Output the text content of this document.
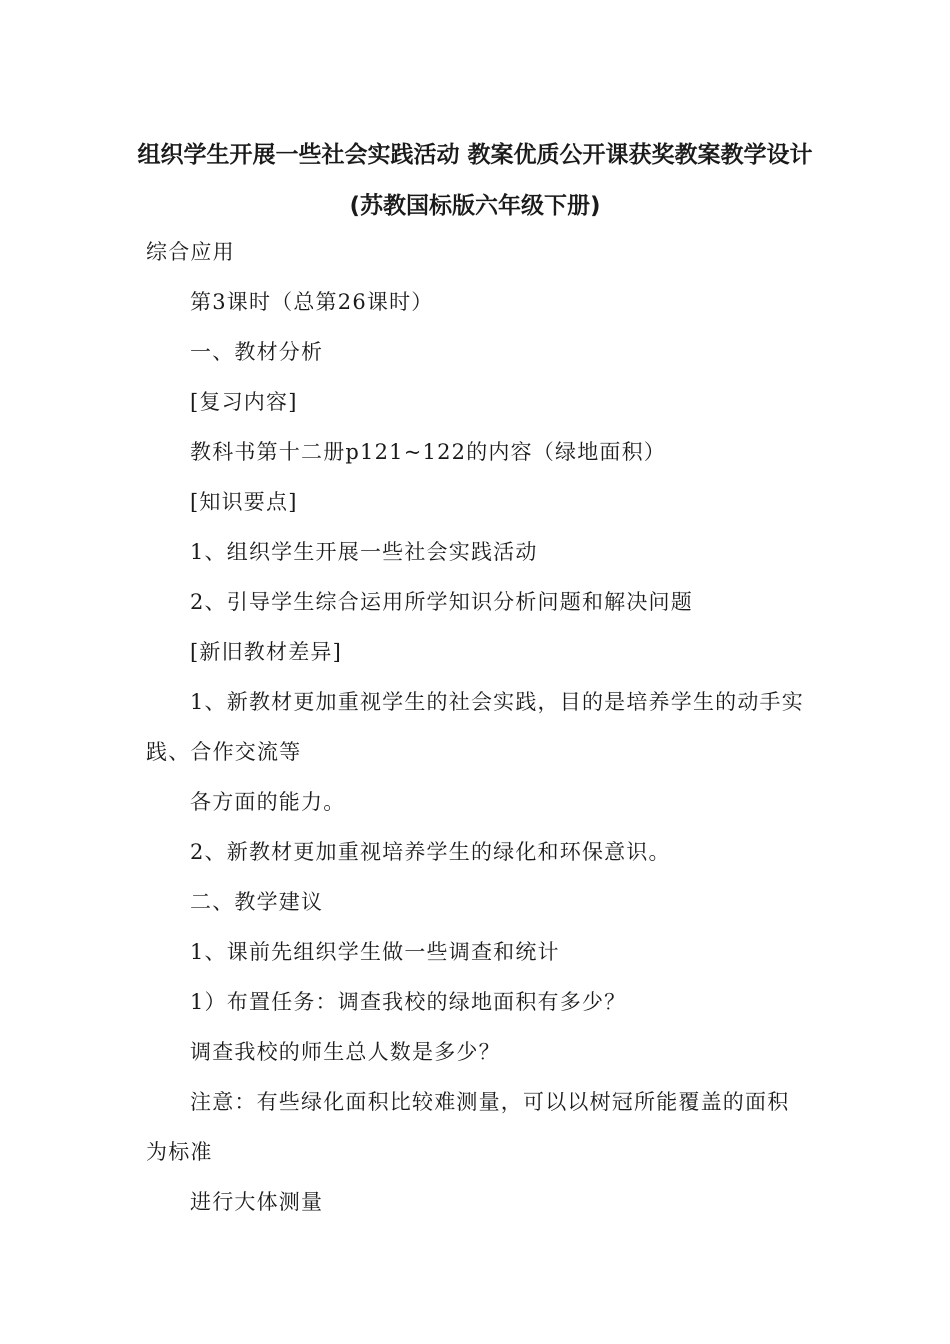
组织学生开展一些社会实践活动 教案优质公开课获奖教案教学设计
(苏教国标版六年级下册)
综合应用
第3课时（总第26课时）
一、教材分析
[复习内容]
教科书第十二册p121~122的内容（绿地面积）
[知识要点]
1、组织学生开展一些社会实践活动
2、引导学生综合运用所学知识分析问题和解决问题
[新旧教材差异]
1、新教材更加重视学生的社会实践，目的是培养学生的动手实
践、合作交流等
各方面的能力。
2、新教材更加重视培养学生的绿化和环保意识。
二、教学建议
1、课前先组织学生做一些调查和统计
1）布置任务：调查我校的绿地面积有多少？
调查我校的师生总人数是多少？
注意：有些绿化面积比较难测量，可以以树冠所能覆盖的面积
为标准
进行大体测量
